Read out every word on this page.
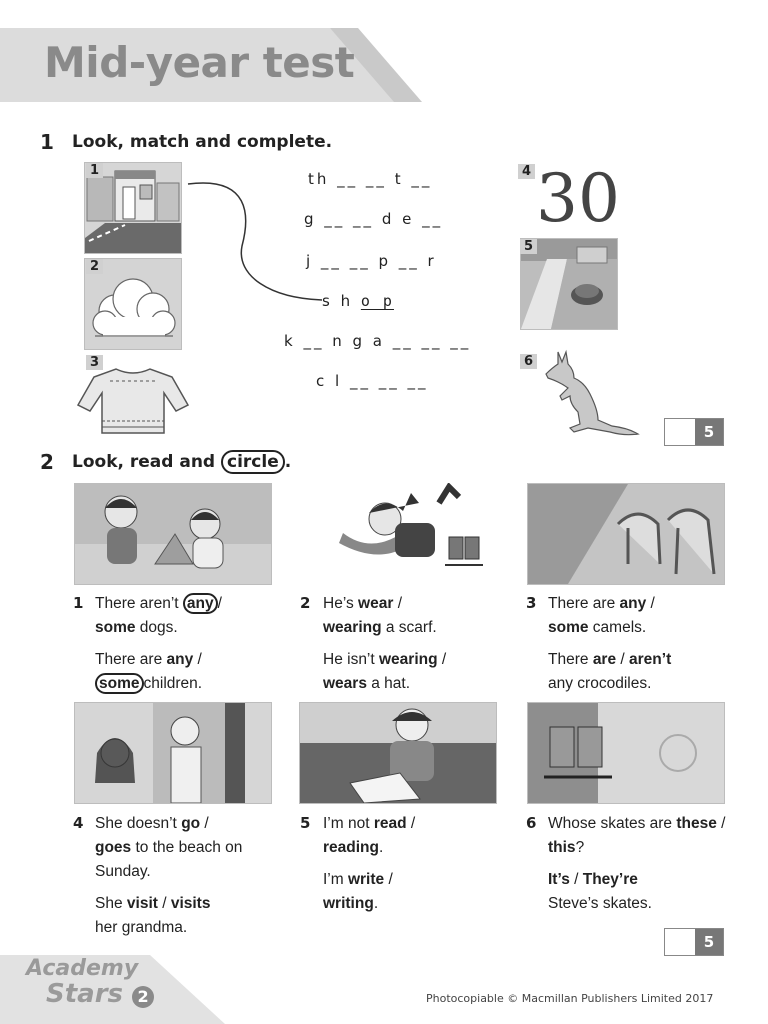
Mid-year test
1 Look, match and complete.
1
2
3
th __ __ t __
g __ __ d e __
j __ __ p __ r
s h o p
k __ n g a __ __ __
c l __ __ __
4 30
5
6
5
2 Look, read and circle .
1 There aren’t any /
some dogs.
There are any /
some children.
2 He’s wear /
wearing a scarf.
He isn’t wearing /
wears a hat.
3 There are any /
some camels.
There are / aren’t
any crocodiles.
4 She doesn’t go /
goes to the beach on Sunday.
She visit / visits
her grandma.
5 I’m not read /
reading.
I’m write /
writing.
6 Whose skates are these / this?
It’s / They’re
Steve’s skates.
5
Academy
Stars 2	Photocopiable © Macmillan Publishers Limited 2017
